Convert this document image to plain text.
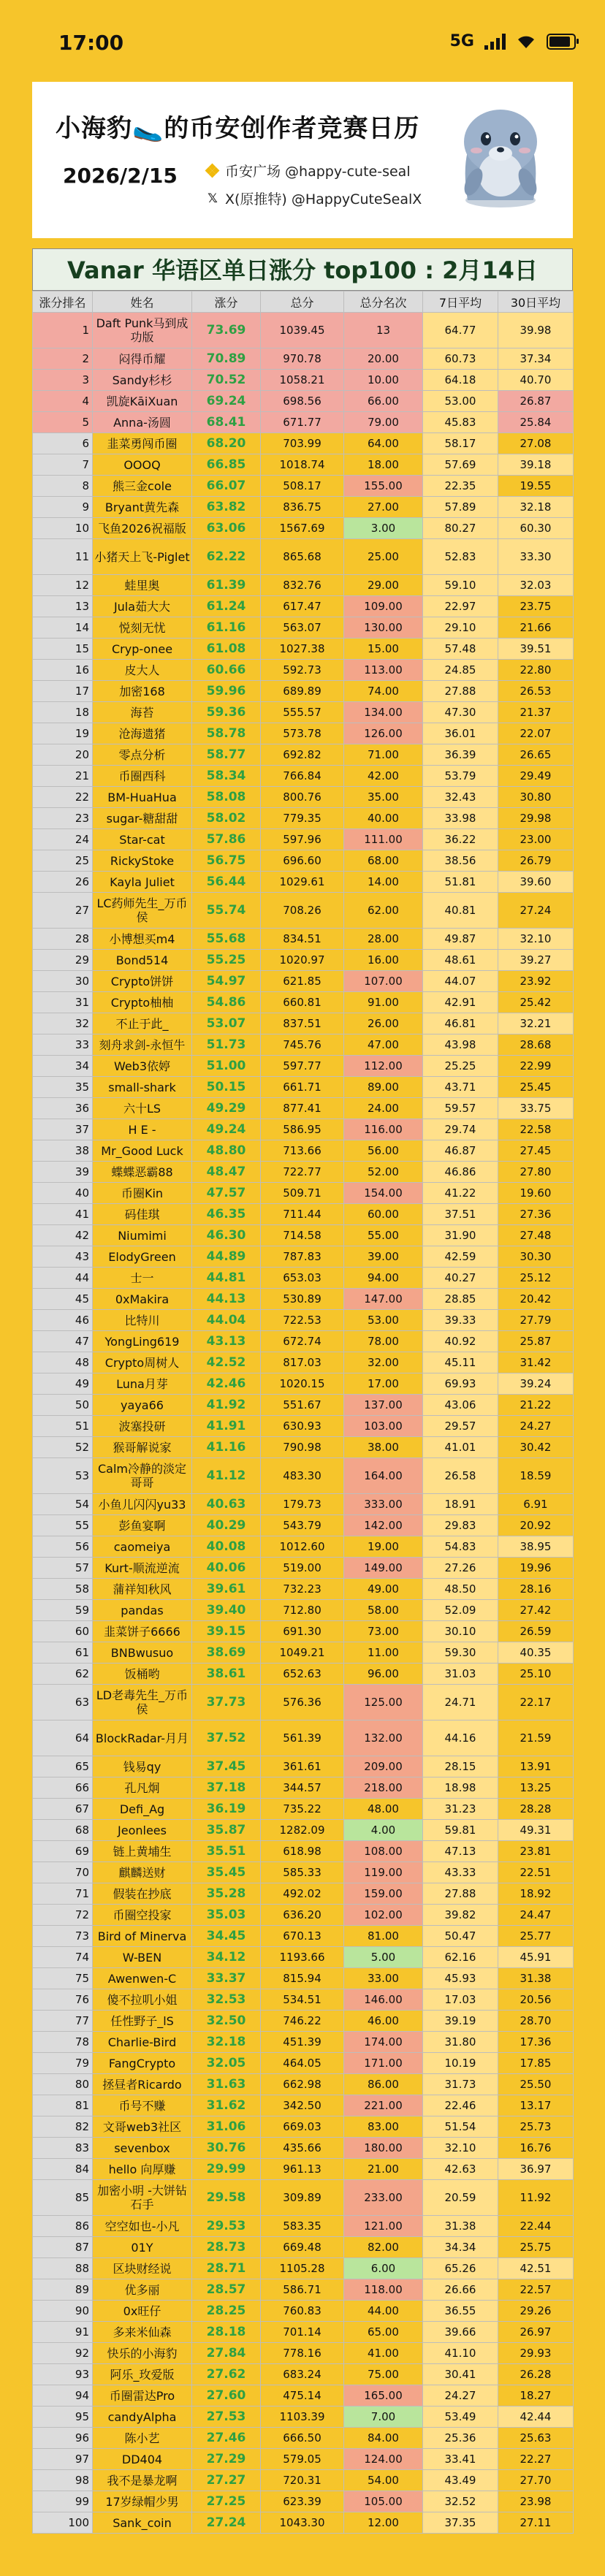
17:00	5G
小海豹🥿的币安创作者竞赛日历
2026/2/15	币安广场 @happy-cute-seal
𝕏 X(原推特) @HappyCuteSealX
Vanar 华语区单日涨分 top100 : 2月14日
涨分排名	姓名	涨分	总分	总分名次	7日平均	30日平均
1	Daft Punk马到成功版	73.69	1039.45	13	64.77	39.98
2	闷得币耀	70.89	970.78	20.00	60.73	37.34
3	Sandy杉杉	70.52	1058.21	10.00	64.18	40.70
4	凯旋KāiXuan	69.24	698.56	66.00	53.00	26.87
5	Anna-汤圆	68.41	671.77	79.00	45.83	25.84
6	韭菜勇闯币圈	68.20	703.99	64.00	58.17	27.08
7	OOOQ	66.85	1018.74	18.00	57.69	39.18
8	熊三金cole	66.07	508.17	155.00	22.35	19.55
9	Bryant黄先森	63.82	836.75	27.00	57.89	32.18
10	飞鱼2026祝福版	63.06	1567.69	3.00	80.27	60.30
11	小猪天上飞-Piglet	62.22	865.68	25.00	52.83	33.30
12	蛙里奥	61.39	832.76	29.00	59.10	32.03
13	Jula茹大大	61.24	617.47	109.00	22.97	23.75
14	悦刻无忧	61.16	563.07	130.00	29.10	21.66
15	Cryp-onee	61.08	1027.38	15.00	57.48	39.51
16	皮大人	60.66	592.73	113.00	24.85	22.80
17	加密168	59.96	689.89	74.00	27.88	26.53
18	海苔	59.36	555.57	134.00	47.30	21.37
19	沧海遗猪	58.78	573.78	126.00	36.01	22.07
20	零点分析	58.77	692.82	71.00	36.39	26.65
21	币圈西科	58.34	766.84	42.00	53.79	29.49
22	BM-HuaHua	58.08	800.76	35.00	32.43	30.80
23	sugar-糖甜甜	58.02	779.35	40.00	33.98	29.98
24	Star-cat	57.86	597.96	111.00	36.22	23.00
25	RickyStoke	56.75	696.60	68.00	38.56	26.79
26	Kayla Juliet	56.44	1029.61	14.00	51.81	39.60
27	LC药师先生_万币侯	55.74	708.26	62.00	40.81	27.24
28	小博想买m4	55.68	834.51	28.00	49.87	32.10
29	Bond514	55.25	1020.97	16.00	48.61	39.27
30	Crypto饼饼	54.97	621.85	107.00	44.07	23.92
31	Crypto柚柚	54.86	660.81	91.00	42.91	25.42
32	不止于此_	53.07	837.51	26.00	46.81	32.21
33	刻舟求剑-永恒牛	51.73	745.76	47.00	43.98	28.68
34	Web3依婷	51.00	597.77	112.00	25.25	22.99
35	small-shark	50.15	661.71	89.00	43.71	25.45
36	六十LS	49.29	877.41	24.00	59.57	33.75
37	H E -	49.24	586.95	116.00	29.74	22.58
38	Mr_Good Luck	48.80	713.66	56.00	46.87	27.45
39	蝶蝶恶霸88	48.47	722.77	52.00	46.86	27.80
40	币圈Kin	47.57	509.71	154.00	41.22	19.60
41	码佳琪	46.35	711.44	60.00	37.51	27.36
42	Niumimi	46.30	714.58	55.00	31.90	27.48
43	ElodyGreen	44.89	787.83	39.00	42.59	30.30
44	士一	44.81	653.03	94.00	40.27	25.12
45	0xMakira	44.13	530.89	147.00	28.85	20.42
46	比特川	44.04	722.53	53.00	39.33	27.79
47	YongLing619	43.13	672.74	78.00	40.92	25.87
48	Crypto周树人	42.52	817.03	32.00	45.11	31.42
49	Luna月芽	42.46	1020.15	17.00	69.93	39.24
50	yaya66	41.92	551.67	137.00	43.06	21.22
51	波塞投研	41.91	630.93	103.00	29.57	24.27
52	猴哥解说家	41.16	790.98	38.00	41.01	30.42
53	Calm冷静的淡定哥哥	41.12	483.30	164.00	26.58	18.59
54	小鱼儿闪闪yu33	40.63	179.73	333.00	18.91	6.91
55	彭鱼宴啊	40.29	543.79	142.00	29.83	20.92
56	caomeiya	40.08	1012.60	19.00	54.83	38.95
57	Kurt-顺流逆流	40.06	519.00	149.00	27.26	19.96
58	蒲祥知秋风	39.61	732.23	49.00	48.50	28.16
59	pandas	39.40	712.80	58.00	52.09	27.42
60	韭菜饼子6666	39.15	691.30	73.00	30.10	26.59
61	BNBwusuo	38.69	1049.21	11.00	59.30	40.35
62	饭桶哟	38.61	652.63	96.00	31.03	25.10
63	LD老毒先生_万币侯	37.73	576.36	125.00	24.71	22.17
64	BlockRadar-月月	37.52	561.39	132.00	44.16	21.59
65	钱易qy	37.45	361.61	209.00	28.15	13.91
66	孔凡炯	37.18	344.57	218.00	18.98	13.25
67	Defi_Ag	36.19	735.22	48.00	31.23	28.28
68	Jeonlees	35.87	1282.09	4.00	59.81	49.31
69	链上黄埔生	35.51	618.98	108.00	47.13	23.81
70	麒麟送财	35.45	585.33	119.00	43.33	22.51
71	假装在抄底	35.28	492.02	159.00	27.88	18.92
72	币圈空投家	35.03	636.20	102.00	39.82	24.47
73	Bird of Minerva	34.45	670.13	81.00	50.47	25.77
74	W-BEN	34.12	1193.66	5.00	62.16	45.91
75	Awenwen-C	33.37	815.94	33.00	45.93	31.38
76	傻不拉叽小姐	32.53	534.51	146.00	17.03	20.56
77	任性野子_lS	32.50	746.22	46.00	39.19	28.70
78	Charlie-Bird	32.18	451.39	174.00	31.80	17.36
79	FangCrypto	32.05	464.05	171.00	10.19	17.85
80	拯昼者Ricardo	31.63	662.98	86.00	31.73	25.50
81	币号不赚	31.62	342.50	221.00	22.46	13.17
82	文哥web3社区	31.06	669.03	83.00	51.54	25.73
83	sevenbox	30.76	435.66	180.00	32.10	16.76
84	hello 向厚赚	29.99	961.13	21.00	42.63	36.97
85	加密小明 -大饼钻石手	29.58	309.89	233.00	20.59	11.92
86	空空如也-小凡	29.53	583.35	121.00	31.38	22.44
87	01Y	28.73	669.48	82.00	34.34	25.75
88	区块财经说	28.71	1105.28	6.00	65.26	42.51
89	优多丽	28.57	586.71	118.00	26.66	22.57
90	0x旺仔	28.25	760.83	44.00	36.55	29.26
91	多来米仙森	28.18	701.14	65.00	39.66	26.97
92	快乐的小海豹	27.84	778.16	41.00	41.10	29.93
93	阿乐_玫爱版	27.62	683.24	75.00	30.41	26.28
94	币圈雷达Pro	27.60	475.14	165.00	24.27	18.27
95	candyAlpha	27.53	1103.39	7.00	53.49	42.44
96	陈小艺	27.46	666.50	84.00	25.36	25.63
97	DD404	27.29	579.05	124.00	33.41	22.27
98	我不是暴龙啊	27.27	720.31	54.00	43.49	27.70
99	17岁绿帽少男	27.25	623.39	105.00	32.52	23.98
100	Sank_coin	27.24	1043.30	12.00	37.35	27.11
